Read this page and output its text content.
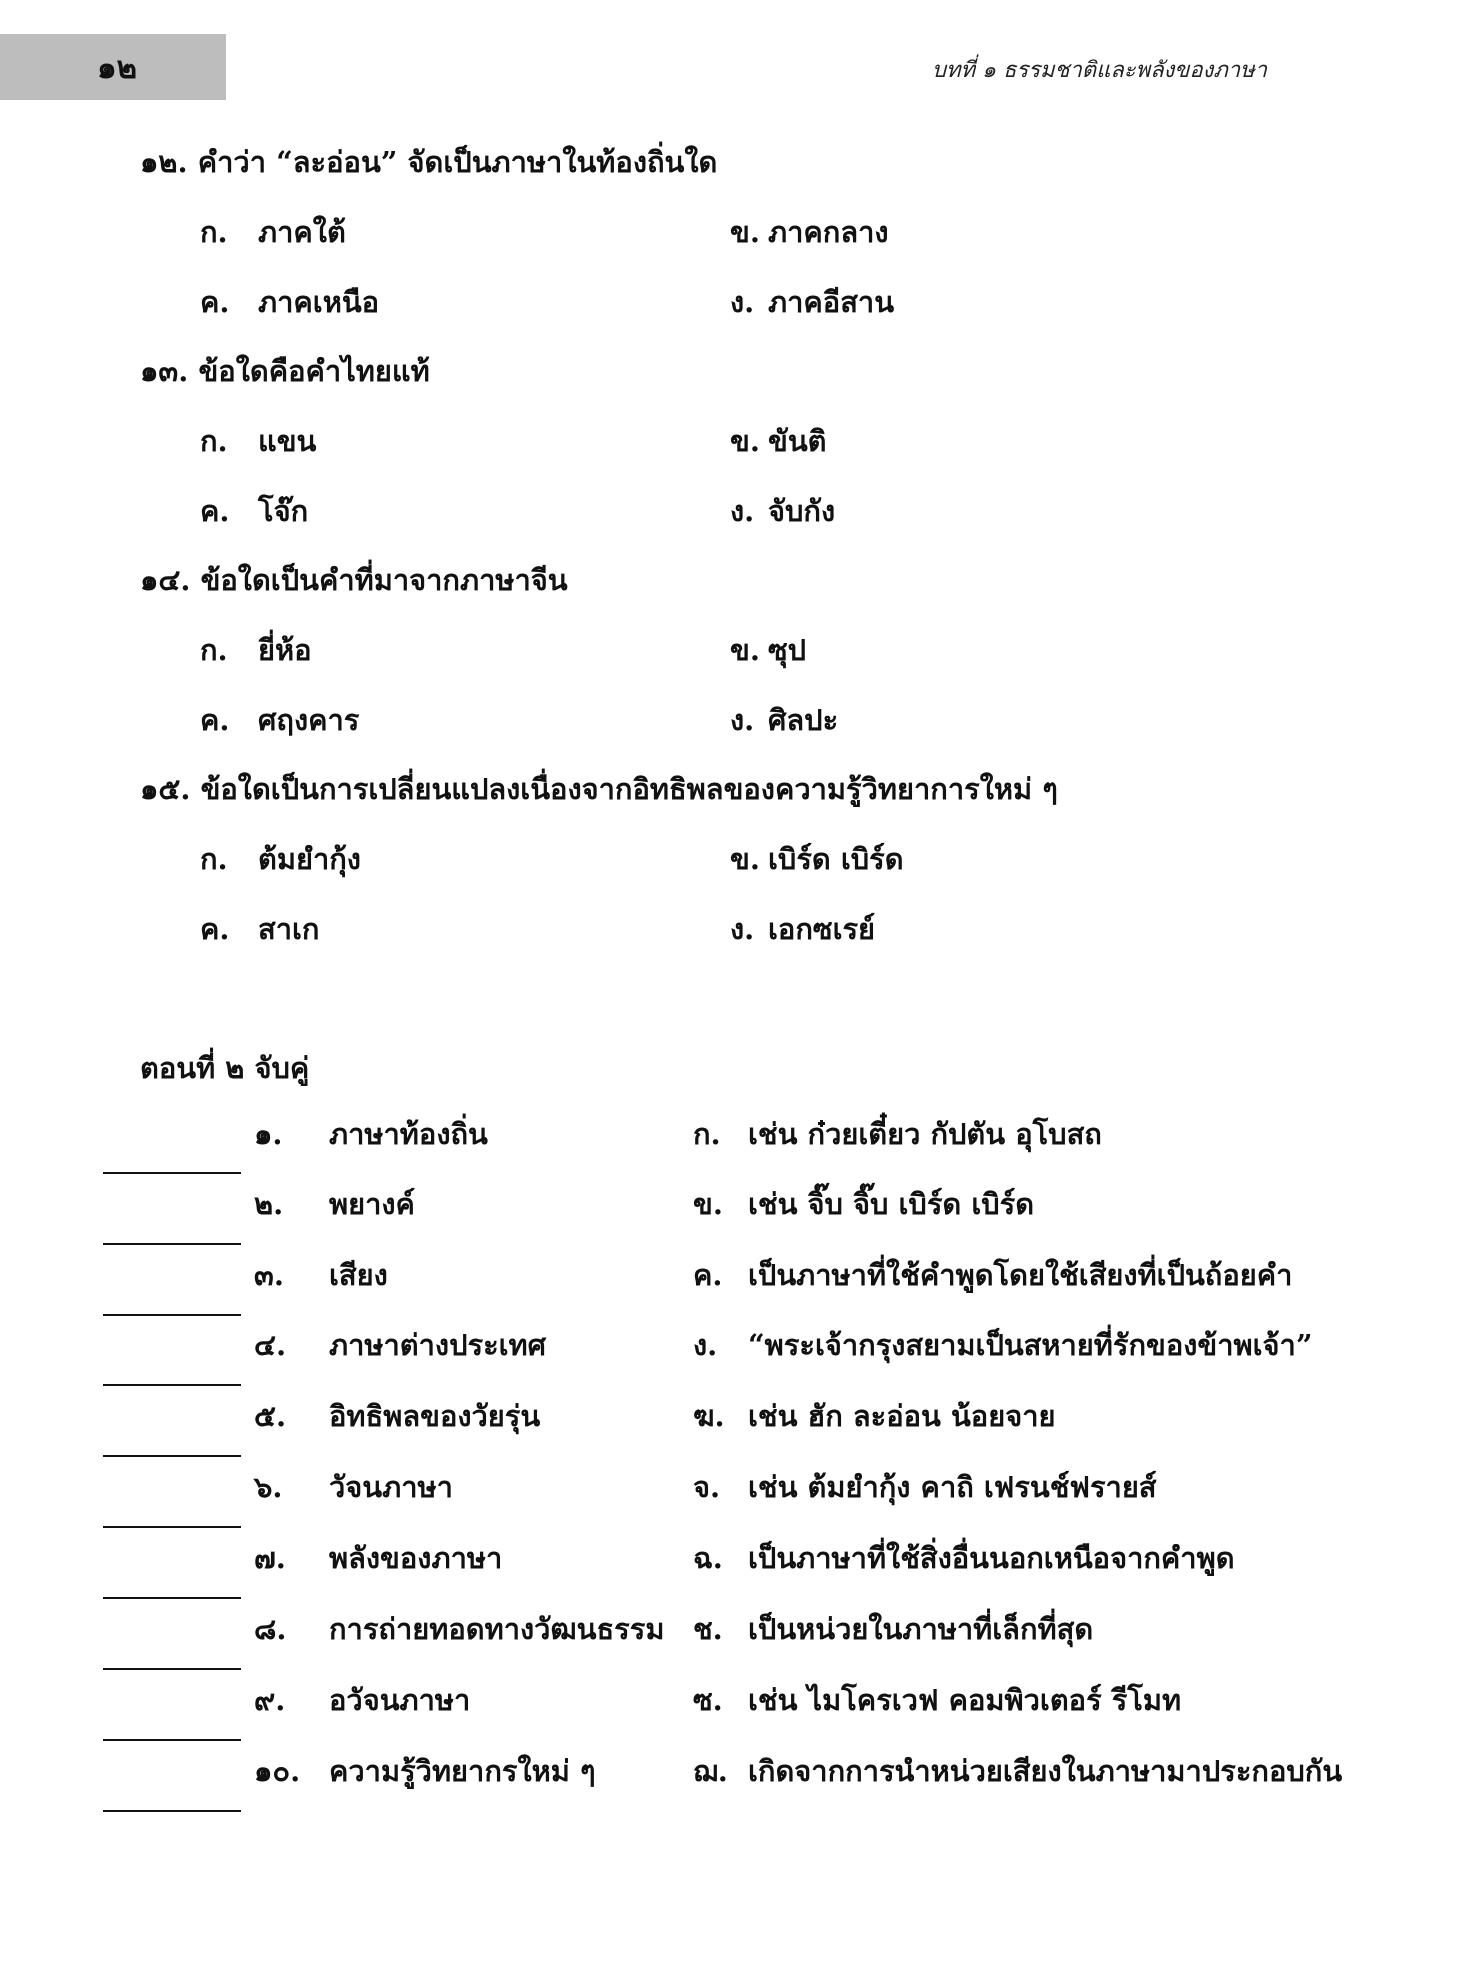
๑๒	บทที่ ๑ ธรรมชาติและพลังของภาษา
๑๒. คำว่า “ละอ่อน” จัดเป็นภาษาในท้องถิ่นใด
ก. ภาคใต้	ข. ภาคกลาง
ค. ภาคเหนือ	ง. ภาคอีสาน
๑๓. ข้อใดคือคำไทยแท้
ก. แขน	ข. ขันติ
ค. โจ๊ก	ง. จับกัง
๑๔. ข้อใดเป็นคำที่มาจากภาษาจีน
ก. ยี่ห้อ	ข. ซุป
ค. ศฤงคาร	ง. ศิลปะ
๑๕. ข้อใดเป็นการเปลี่ยนแปลงเนื่องจากอิทธิพลของความรู้วิทยาการใหม่ ๆ
ก. ต้มยำกุ้ง	ข. เบิร์ด เบิร์ด
ค. สาเก	ง. เอกซเรย์
ตอนที่ ๒ จับคู่
๑. ภาษาท้องถิ่น	ก. เช่น ก๋วยเตี๋ยว กัปตัน อุโบสถ
๒. พยางค์	ข. เช่น จิ๊บ จิ๊บ เบิร์ด เบิร์ด
๓. เสียง	ค. เป็นภาษาที่ใช้คำพูดโดยใช้เสียงที่เป็นถ้อยคำ
๔. ภาษาต่างประเทศ	ง. “พระเจ้ากรุงสยามเป็นสหายที่รักของข้าพเจ้า”
๕. อิทธิพลของวัยรุ่น	ฆ. เช่น ฮัก ละอ่อน น้อยจาย
๖. วัจนภาษา	จ. เช่น ต้มยำกุ้ง คาถิ เฟรนช์ฟรายส์
๗. พลังของภาษา	ฉ. เป็นภาษาที่ใช้สิ่งอื่นนอกเหนือจากคำพูด
๘. การถ่ายทอดทางวัฒนธรรม ช. เป็นหน่วยในภาษาที่เล็กที่สุด
๙. อวัจนภาษา	ซ. เช่น ไมโครเวฟ คอมพิวเตอร์ รีโมท
๑๐. ความรู้วิทยากรใหม่ ๆ	ฌ. เกิดจากการนำหน่วยเสียงในภาษามาประกอบกัน
